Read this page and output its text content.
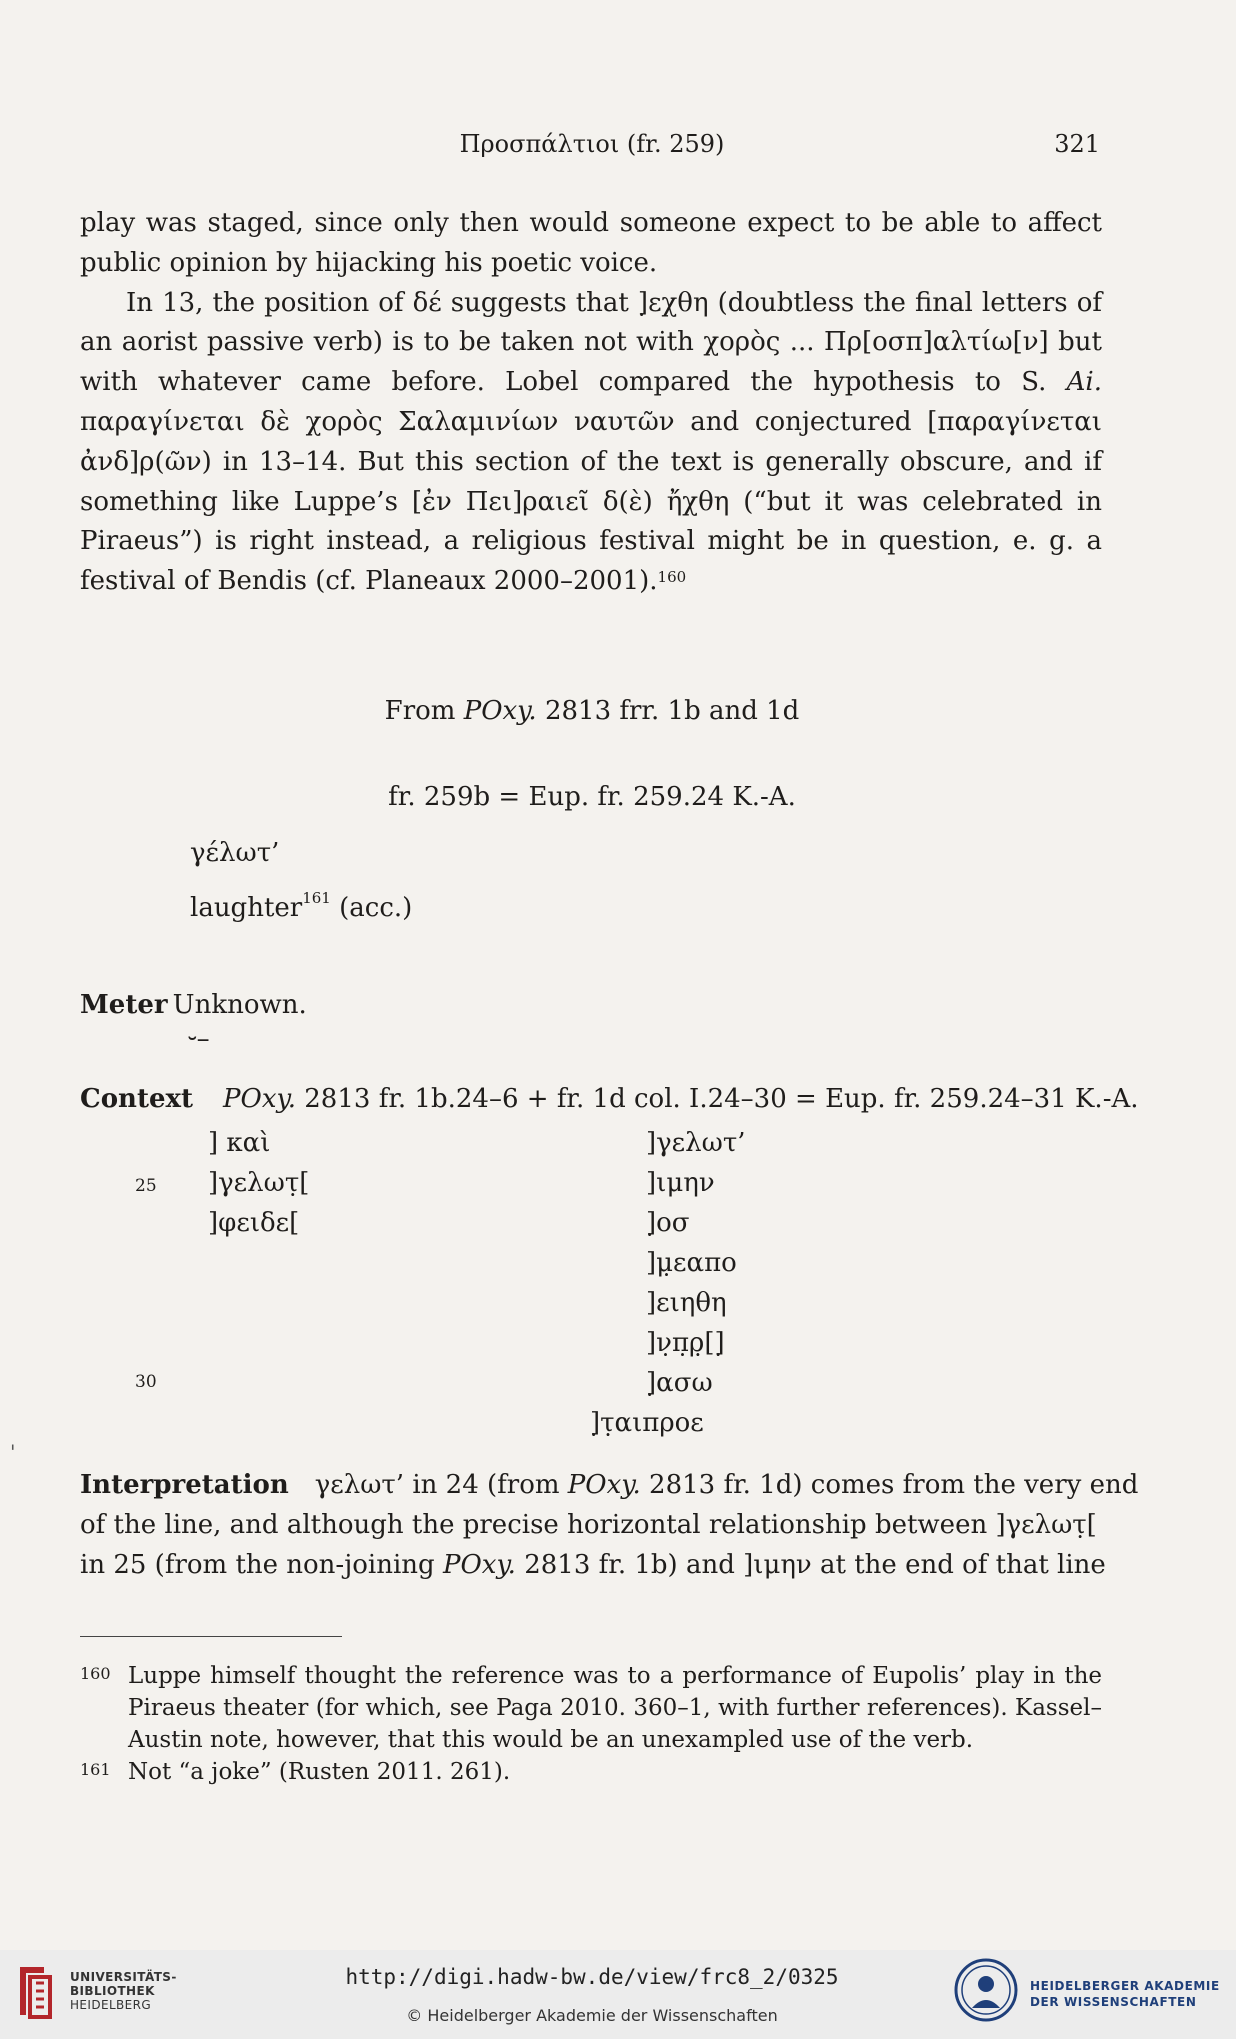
Προσπάλτιοι (fr. 259)	321

play was staged, since only then would someone expect to be able to affect public opinion by hijacking his poetic voice.

In 13, the position of δέ suggests that ]̣εχθη (doubtless the final letters of an aorist passive verb) is to be taken not with χορὸς ... Πρ[οσπ]αλτίω[ν] but with whatever came before. Lobel compared the hypothesis to S. Ai. παραγίνεται δὲ χορὸς Σαλαμινίων ναυτῶν and conjectured [παραγίνεται ἀνδ]ρ(ῶν) in 13–14. But this section of the text is generally obscure, and if something like Luppe’s [ἐν Πει]ραιεῖ δ(ὲ) ἤχθη (“but it was celebrated in Piraeus”) is right instead, a religious festival might be in question, e. g. a festival of Bendis (cf. Planeaux 2000–2001).$^{160}$

From POxy. 2813 frr. 1b and 1d
fr. 259b = Eup. fr. 259.24 K.-A.
γέλωτ’
laughter$^{161}$ (acc.)
Meter Unknown.
⏑–
Context POxy. 2813 fr. 1b.24–6 + fr. 1d col. I.24–30 = Eup. fr. 259.24–31 K.-A.
25
30
] καὶ
]γελωτ̣[
]φειδε[
]γελωτ’
]ιμην
]̣οσ
]μ̣εαπο
]ειηθη
]ν̣π̣ρ̣[]̣
]̣ασω
]̣τ̣αιπροε
Interpretation γελωτ’ in 24 (from POxy. 2813 fr. 1d) comes from the very end
of the line, and although the precise horizontal relationship between ]γελωτ̣[
in 25 (from the non-joining POxy. 2813 fr. 1b) and ]ιμην at the end of that line
160 Luppe himself thought the reference was to a performance of Eupolis’ play in the Piraeus theater (for which, see Paga 2010. 360–1, with further references). Kassel–Austin note, however, that this would be an unexampled use of the verb.
161 Not “a joke” (Rusten 2011. 261).
'
UNIVERSITÄTS-
BIBLIOTHEK
HEIDELBERG
http://digi.hadw-bw.de/view/frc8_2/0325
© Heidelberger Akademie der Wissenschaften
HEIDELBERGER AKADEMIE
DER WISSENSCHAFTEN
